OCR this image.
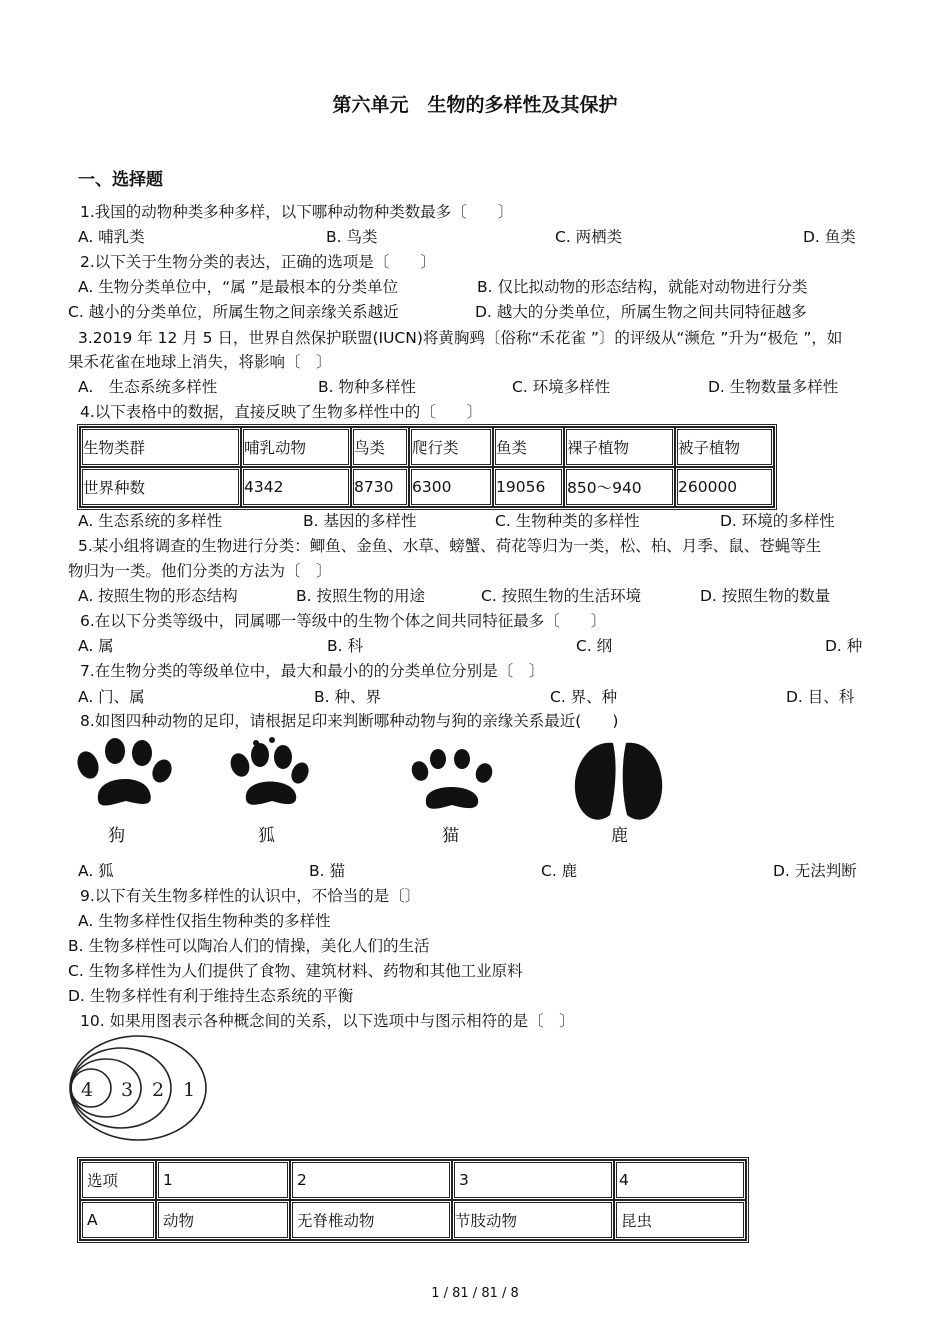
第六单元　生物的多样性及其保护
一、选择题
1.我国的动物种类多种多样，以下哪种动物种类数最多〔　　〕
A. 哺乳类	B. 鸟类	C. 两栖类	D. 鱼类
2.以下关于生物分类的表达，正确的选项是〔　　〕
A. 生物分类单位中，“属 ”是最根本的分类单位	B. 仅比拟动物的形态结构，就能对动物进行分类
C. 越小的分类单位，所属生物之间亲缘关系越近	D. 越大的分类单位，所属生物之间共同特征越多
3.2019 年 12 月 5 日，世界自然保护联盟(IUCN)将黄胸鹀〔俗称“禾花雀 ”〕的评级从“濒危 ”升为“极危 ”，如
果禾花雀在地球上消失，将影响〔　〕
A.　生态系统多样性	B. 物种多样性	C. 环境多样性	D. 生物数量多样性
4.以下表格中的数据，直接反映了生物多样性中的〔　　〕
生物类群	哺乳动物	鸟类	爬行类	鱼类	裸子植物	被子植物
世界种数	4342	8730	6300	19056	850～940	260000
A. 生态系统的多样性	B. 基因的多样性	C. 生物种类的多样性	D. 环境的多样性
5.某小组将调查的生物进行分类：鲫鱼、金鱼、水草、螃蟹、荷花等归为一类，松、柏、月季、鼠、苍蝇等生
物归为一类。他们分类的方法为〔　〕
A. 按照生物的形态结构	B. 按照生物的用途	C. 按照生物的生活环境	D. 按照生物的数量
6.在以下分类等级中，同属哪一等级中的生物个体之间共同特征最多〔　　〕
A. 属	B. 科	C. 纲	D. 种
7.在生物分类的等级单位中，最大和最小的的分类单位分别是〔　〕
A. 门、属	B. 种、界	C. 界、种	D. 目、科
8.如图四种动物的足印，请根据足印来判断哪种动物与狗的亲缘关系最近(　　)
狗	狐	猫	鹿
A. 狐	B. 猫	C. 鹿	D. 无法判断
9.以下有关生物多样性的认识中，不恰当的是〔〕
A. 生物多样性仅指生物种类的多样性
B. 生物多样性可以陶冶人们的情操，美化人们的生活
C. 生物多样性为人们提供了食物、建筑材料、药物和其他工业原料
D. 生物多样性有利于维持生态系统的平衡
10. 如果用图表示各种概念间的关系，以下选项中与图示相符的是〔　〕
4 3 2 1
选项	1	2	3	4
A	动物	无脊椎动物	节肢动物	昆虫
1 / 81 / 81 / 8
